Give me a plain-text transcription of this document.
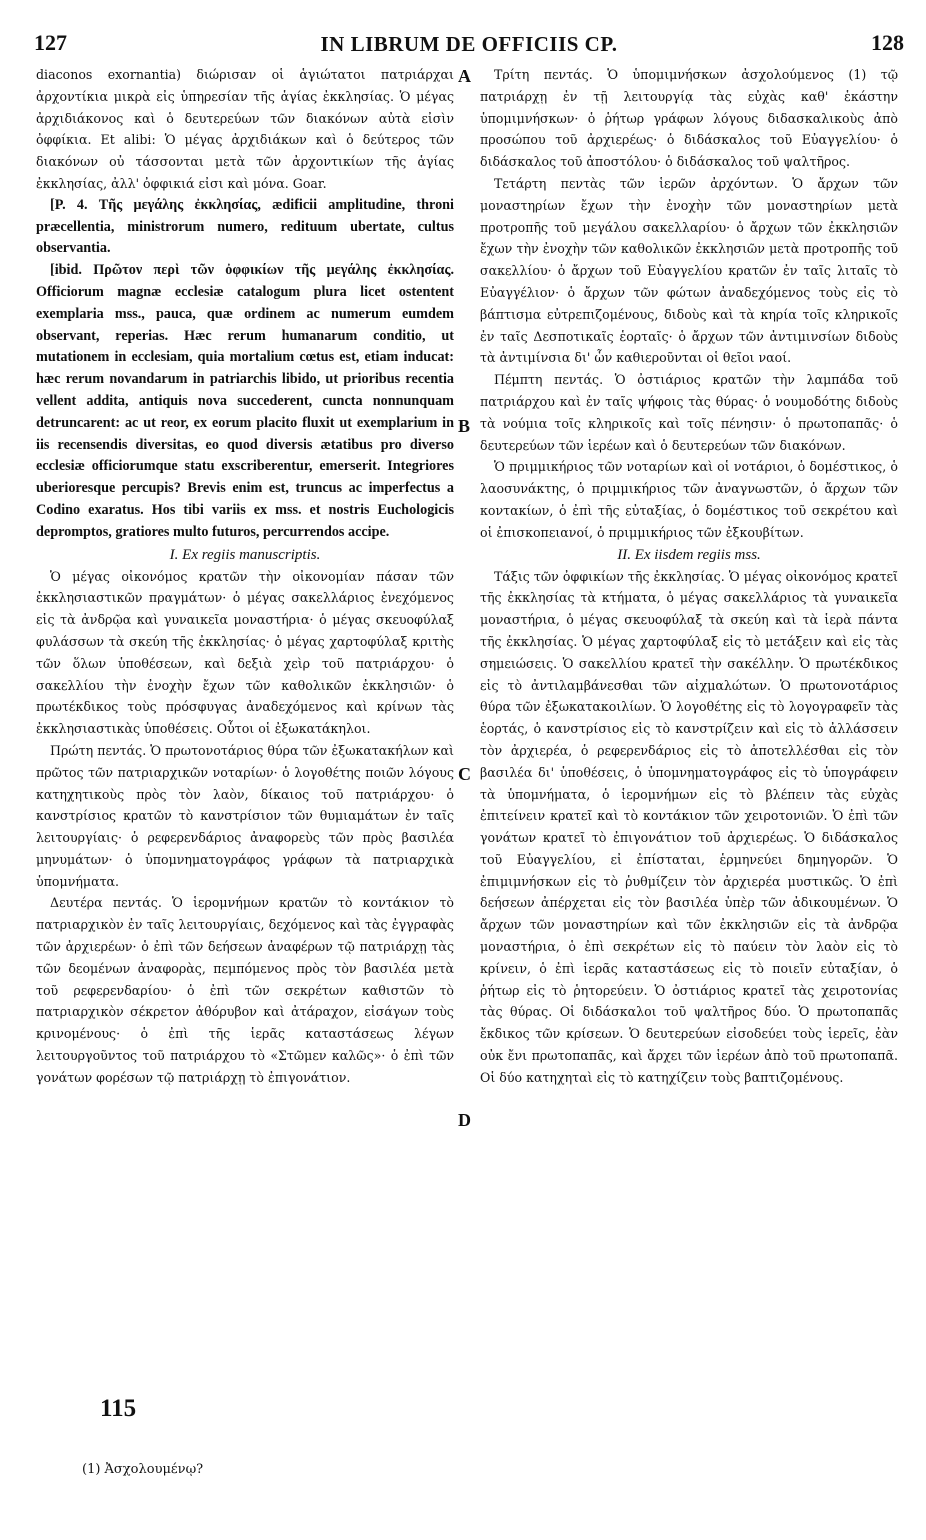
127	IN LIBRUM DE OFFICIIS CP.	128

diaconos exornantia) διώρισαν οἱ ἁγιώτατοι πατριάρχαι ἀρχοντίκια μικρὰ εἰς ὑπηρεσίαν τῆς ἁγίας ἐκκλησίας. Ὁ μέγας ἀρχιδιάκονος καὶ ὁ δευτερεύων τῶν διακόνων αὐτὰ εἰσὶν ὀφφίκια. Et alibi: Ὁ μέγας ἀρχιδιάκων καὶ ὁ δεύτερος τῶν διακόνων οὐ τάσσονται μετὰ τῶν ἀρχοντικίων τῆς ἁγίας ἐκκλησίας, ἀλλ' ὀφφικιά εἰσι καὶ μόνα. Goar.

[P. 4. Τῆς μεγάλης ἐκκλησίας, ædificii amplitudine, throni præcellentia, ministrorum numero, redituum ubertate, cultus observantia.

[ibid. Πρῶτον περὶ τῶν ὀφφικίων τῆς μεγάλης ἐκκλησίας. Officiorum magnæ ecclesiæ catalogum plura licet ostentent exemplaria mss., pauca, quæ ordinem ac numerum eumdem observant, reperias. Hæc rerum humanarum conditio, ut mutationem in ecclesiam, quia mortalium cœtus est, etiam inducat: hæc rerum novandarum in patriarchis libido, ut prioribus recentia vellent addita, antiquis nova succederent, cuncta nonnunquam detruncarent: ac ut reor, ex eorum placito fluxit ut exemplarium in iis recensendis diversitas, eo quod diversis ætatibus pro diverso ecclesiæ officiorumque statu exscriberentur, emerserit. Integriores uberioresque percupis? Brevis enim est, truncus ac imperfectus a Codino exaratus. Hos tibi variis ex mss. et nostris Euchologicis depromptos, gratiores multo futuros, percurrendos accipe.

I. Ex regiis manuscriptis.

Ὁ μέγας οἰκονόμος κρατῶν τὴν οἰκονομίαν πάσαν τῶν ἐκκλησιαστικῶν πραγμάτων· ὁ μέγας σακελλάριος ἐνεχόμενος εἰς τὰ ἀνδρῷα καὶ γυναικεῖα μοναστήρια· ὁ μέγας σκευοφύλαξ φυλάσσων τὰ σκεύη τῆς ἐκκλησίας· ὁ μέγας χαρτοφύλαξ κριτὴς τῶν ὅλων ὑποθέσεων, καὶ δεξιὰ χεὶρ τοῦ πατριάρχου· ὁ σακελλίου τὴν ἐνοχὴν ἔχων τῶν καθολικῶν ἐκκλησιῶν· ὁ πρωτέκδικος τοὺς πρόσφυγας ἀναδεχόμενος καὶ κρίνων τὰς ἐκκλησιαστικὰς ὑποθέσεις. Οὗτοι οἱ ἐξωκατάκηλοι.

Πρώτη πεντάς. Ὁ πρωτονοτάριος θύρα τῶν ἐξωκατακήλων καὶ πρῶτος τῶν πατριαρχικῶν νοταρίων· ὁ λογοθέτης ποιῶν λόγους κατηχητικοὺς πρὸς τὸν λαὸν, δίκαιος τοῦ πατριάρχου· ὁ κανστρίσιος κρατῶν τὸ κανστρίσιον τῶν θυμιαμάτων ἐν ταῖς λειτουργίαις· ὁ ρεφερενδάριος ἀναφορεὺς τῶν πρὸς βασιλέα μηνυμάτων· ὁ ὑπομνηματογράφος γράφων τὰ πατριαρχικὰ ὑπομνήματα.

Δευτέρα πεντάς. Ὁ ἱερομνήμων κρατῶν τὸ κοντάκιον τὸ πατριαρχικὸν ἐν ταῖς λειτουργίαις, δεχόμενος καὶ τὰς ἐγγραφὰς τῶν ἀρχιερέων· ὁ ἐπὶ τῶν δεήσεων ἀναφέρων τῷ πατριάρχῃ τὰς τῶν δεομένων ἀναφορὰς, πεμπόμενος πρὸς τὸν βασιλέα μετὰ τοῦ ρεφερενδαρίου· ὁ ἐπὶ τῶν σεκρέτων καθιστῶν τὸ πατριαρχικὸν σέκρετον ἀθόρυβον καὶ ἀτάραχον, εἰσάγων τοὺς κρινομένους· ὁ ἐπὶ τῆς ἱερᾶς καταστάσεως λέγων λειτουργοῦντος τοῦ πατριάρχου τὸ «Στῶμεν καλῶς»· ὁ ἐπὶ τῶν γονάτων φορέσων τῷ πατριάρχῃ τὸ ἐπιγονάτιον.

Τρίτη πεντάς. Ὁ ὑπομιμνήσκων ἀσχολούμενος (1) τῷ πατριάρχῃ ἐν τῇ λειτουργίᾳ τὰς εὐχὰς καθ' ἑκάστην ὑπομιμνήσκων· ὁ ῥήτωρ γράφων λόγους διδασκαλικοὺς ἀπὸ προσώπου τοῦ ἀρχιερέως· ὁ διδάσκαλος τοῦ Εὐαγγελίου· ὁ διδάσκαλος τοῦ ἀποστόλου· ὁ διδάσκαλος τοῦ ψαλτῆρος.

Τετάρτη πεντὰς τῶν ἱερῶν ἀρχόντων. Ὁ ἄρχων τῶν μοναστηρίων ἔχων τὴν ἐνοχὴν τῶν μοναστηρίων μετὰ προτροπῆς τοῦ μεγάλου σακελλαρίου· ὁ ἄρχων τῶν ἐκκλησιῶν ἔχων τὴν ἐνοχὴν τῶν καθολικῶν ἐκκλησιῶν μετὰ προτροπῆς τοῦ σακελλίου· ὁ ἄρχων τοῦ Εὐαγγελίου κρατῶν ἐν ταῖς λιταῖς τὸ Εὐαγγέλιον· ὁ ἄρχων τῶν φώτων ἀναδεχόμενος τοὺς εἰς τὸ βάπτισμα εὐτρεπιζομένους, διδοὺς καὶ τὰ κηρία τοῖς κληρικοῖς ἐν ταῖς Δεσποτικαῖς ἑορταῖς· ὁ ἄρχων τῶν ἀντιμινσίων διδοὺς τὰ ἀντιμίνσια δι' ὧν καθιεροῦνται οἱ θεῖοι ναοί.

Πέμπτη πεντάς. Ὁ ὀστιάριος κρατῶν τὴν λαμπάδα τοῦ πατριάρχου καὶ ἐν ταῖς ψήφοις τὰς θύρας· ὁ νουμοδότης διδοὺς τὰ νούμια τοῖς κληρικοῖς καὶ τοῖς πένησιν· ὁ πρωτοπαπᾶς· ὁ δευτερεύων τῶν ἱερέων καὶ ὁ δευτερεύων τῶν διακόνων.

Ὁ πριμμικήριος τῶν νοταρίων καὶ οἱ νοτάριοι, ὁ δομέστικος, ὁ λαοσυνάκτης, ὁ πριμμικήριος τῶν ἀναγνωστῶν, ὁ ἄρχων τῶν κοντακίων, ὁ ἐπὶ τῆς εὐταξίας, ὁ δομέστικος τοῦ σεκρέτου καὶ οἱ ἐπισκοπειανοί, ὁ πριμμικήριος τῶν ἐξκουβίτων.

II. Ex iisdem regiis mss.

Τάξις τῶν ὀφφικίων τῆς ἐκκλησίας. Ὁ μέγας οἰκονόμος κρατεῖ τῆς ἐκκλησίας τὰ κτήματα, ὁ μέγας σακελλάριος τὰ γυναικεῖα μοναστήρια, ὁ μέγας σκευοφύλαξ τὰ σκεύη καὶ τὰ ἱερὰ πάντα τῆς ἐκκλησίας. Ὁ μέγας χαρτοφύλαξ εἰς τὸ μετάξειν καὶ εἰς τὰς σημειώσεις. Ὁ σακελλίου κρατεῖ τὴν σακέλλην. Ὁ πρωτέκδικος εἰς τὸ ἀντιλαμβάνεσθαι τῶν αἰχμαλώτων. Ὁ πρωτονοτάριος θύρα τῶν ἐξωκατακοιλίων. Ὁ λογοθέτης εἰς τὸ λογογραφεῖν τὰς ἑορτάς, ὁ κανστρίσιος εἰς τὸ κανστρίζειν καὶ εἰς τὸ ἀλλάσσειν τὸν ἀρχιερέα, ὁ ρεφερενδάριος εἰς τὸ ἀποτελλέσθαι εἰς τὸν βασιλέα δι' ὑποθέσεις, ὁ ὑπομνηματογράφος εἰς τὸ ὑπογράφειν τὰ ὑπομνήματα, ὁ ἱερομνήμων εἰς τὸ βλέπειν τὰς εὐχὰς ἐπιτείνειν κρατεῖ καὶ τὸ κοντάκιον τῶν χειροτονιῶν. Ὁ ἐπὶ τῶν γονάτων κρατεῖ τὸ ἐπιγονάτιον τοῦ ἀρχιερέως. Ὁ διδάσκαλος τοῦ Εὐαγγελίου, εἰ ἐπίσταται, ἑρμηνεύει δημηγορῶν. Ὁ ἐπιμιμνήσκων εἰς τὸ ῥυθμίζειν τὸν ἀρχιερέα μυστικῶς. Ὁ ἐπὶ δεήσεων ἀπέρχεται εἰς τὸν βασιλέα ὑπὲρ τῶν ἀδικουμένων. Ὁ ἄρχων τῶν μοναστηρίων καὶ τῶν ἐκκλησιῶν εἰς τὰ ἀνδρῷα μοναστήρια, ὁ ἐπὶ σεκρέτων εἰς τὸ παύειν τὸν λαὸν εἰς τὸ κρίνειν, ὁ ἐπὶ ἱερᾶς καταστάσεως εἰς τὸ ποιεῖν εὐταξίαν, ὁ ῥήτωρ εἰς τὸ ῥητορεύειν. Ὁ ὀστιάριος κρατεῖ τὰς χειροτονίας τὰς θύρας. Οἱ διδάσκαλοι τοῦ ψαλτῆρος δύο. Ὁ πρωτοπαπᾶς ἔκδικος τῶν κρίσεων. Ὁ δευτερεύων εἰσοδεύει τοὺς ἱερεῖς, ἐὰν οὐκ ἔνι πρωτοπαπᾶς, καὶ ἄρχει τῶν ἱερέων ἀπὸ τοῦ πρωτοπαπᾶ. Οἱ δύο κατηχηταὶ εἰς τὸ κατηχίζειν τοὺς βαπτιζομένους.

A
B
C
D
115
(1) Ἀσχολουμένῳ?
